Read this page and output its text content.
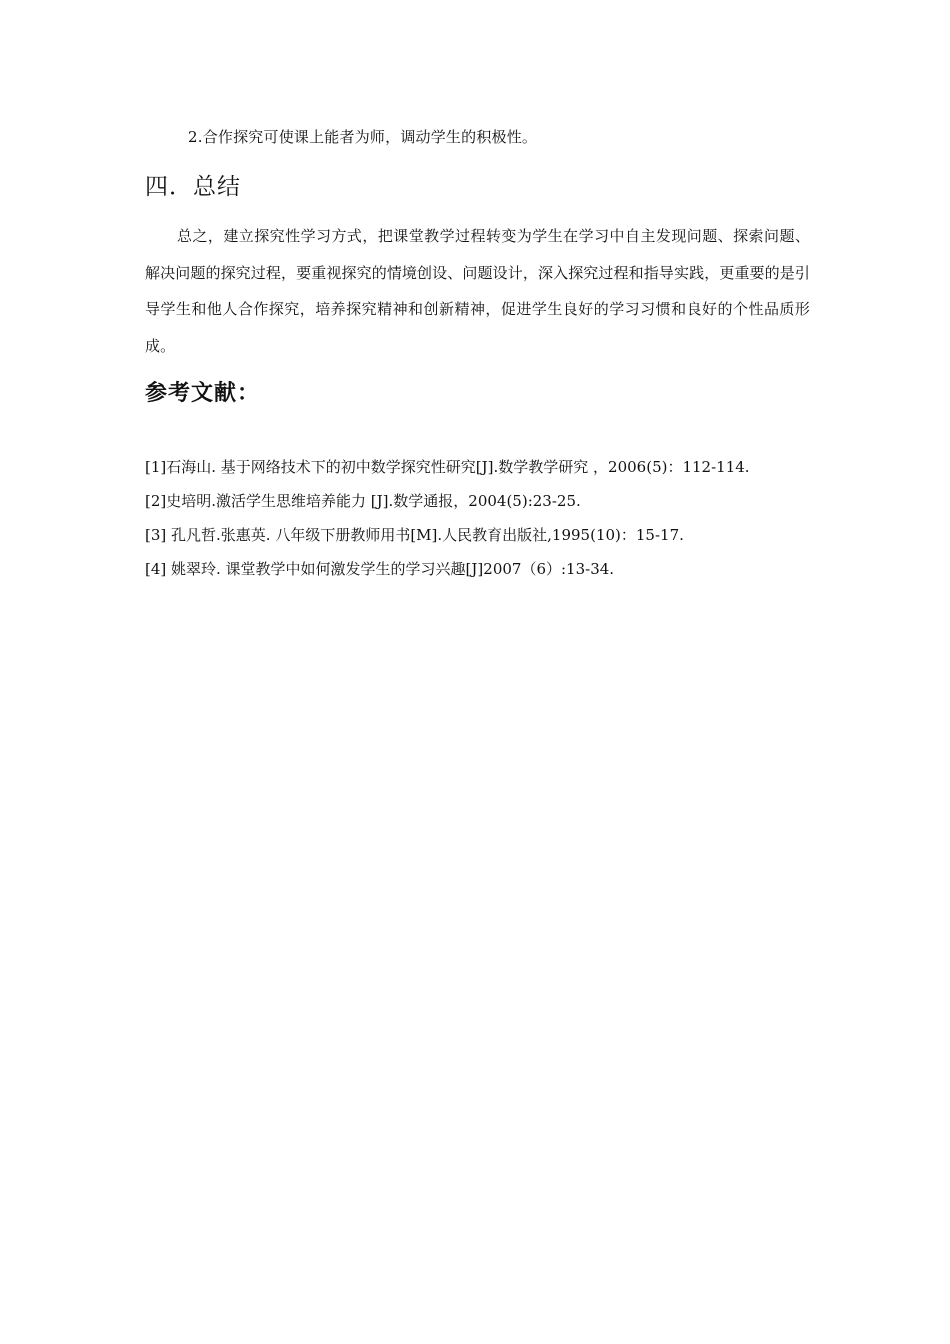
2.合作探究可使课上能者为师，调动学生的积极性。
四．总结

总之，建立探究性学习方式，把课堂教学过程转变为学生在学习中自主发现问题、探索问题、解决问题的探究过程，要重视探究的情境创设、问题设计，深入探究过程和指导实践，更重要的是引导学生和他人合作探究，培养探究精神和创新精神，促进学生良好的学习习惯和良好的个性品质形成。

参考文献：
[1]石海山. 基于网络技术下的初中数学探究性研究[J].数学教学研究 ，2006(5)：112-114.
[2]史培明.激活学生思维培养能力 [J].数学通报，2004(5):23-25.
[3] 孔凡哲.张惠英. 八年级下册教师用书[M].人民教育出版社,1995(10)：15-17.
[4] 姚翠玲. 课堂教学中如何激发学生的学习兴趣[J]2007（6）:13-34.
